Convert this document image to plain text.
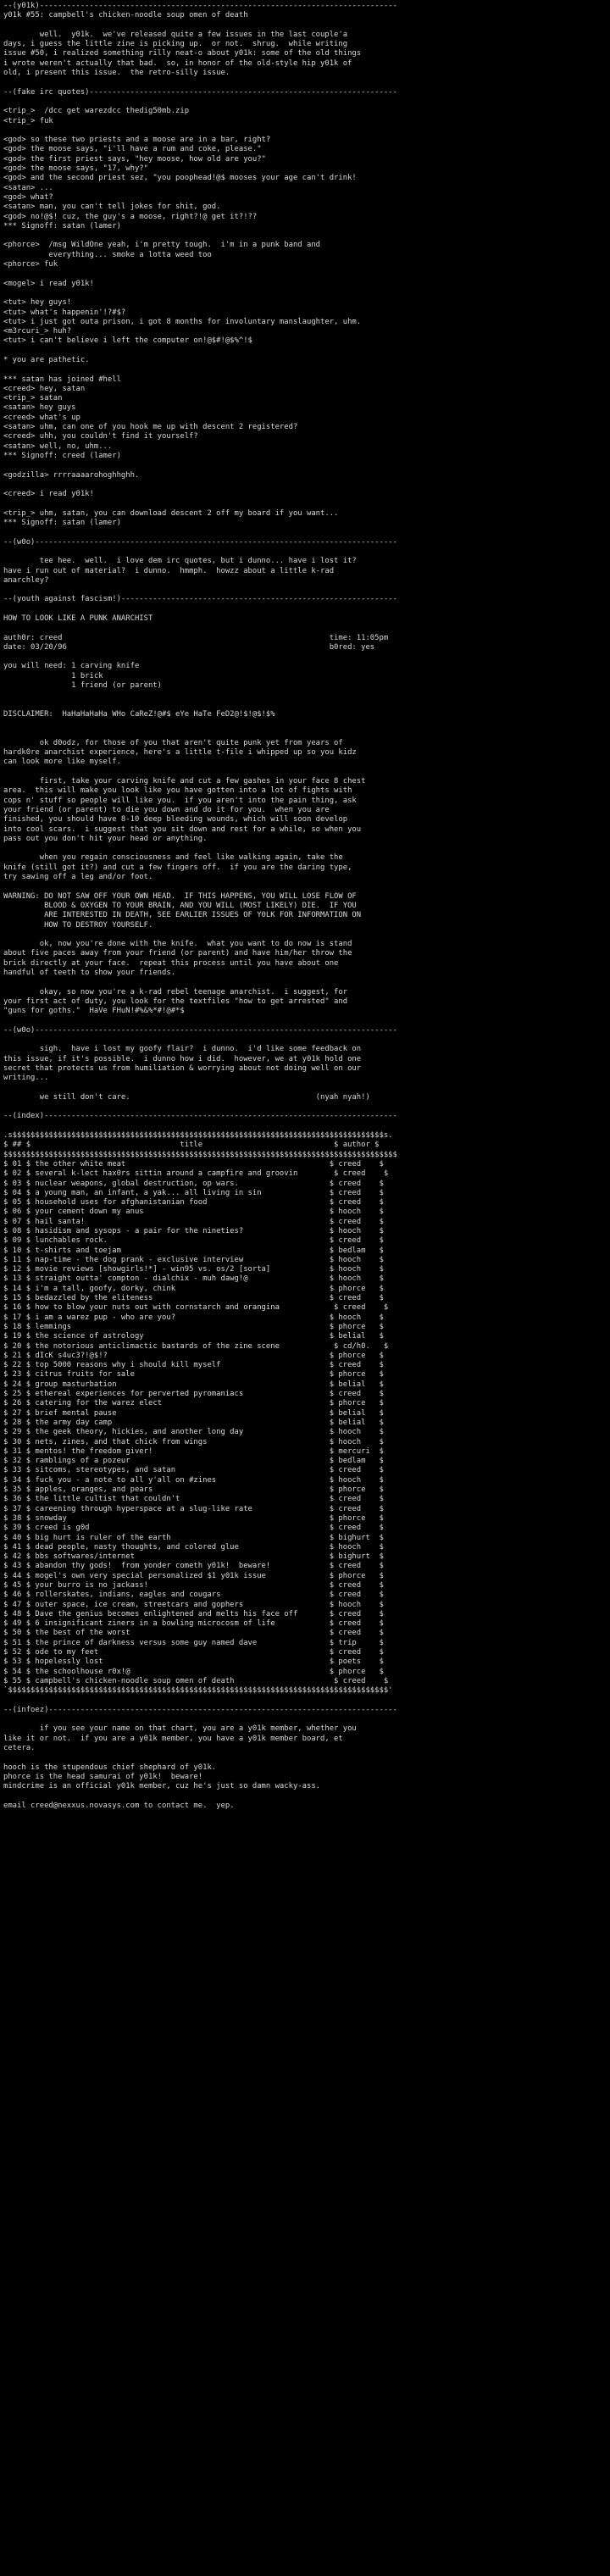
--(y01k)-------------------------------------------------------------------------------
y01k #55: campbell's chicken-noodle soup omen of death

well.  y01k.  we've released quite a few issues in the last couple'a
days, i guess the little zine is picking up.  or not.  shrug.  while writing
issue #50, i realized something rilly neat-o about y01k: some of the old things
i wrote weren't actually that bad.  so, in honor of the old-style hip y01k of
old, i present this issue.  the retro-silly issue.

--(fake irc quotes)--------------------------------------------------------------------

<trip_>  /dcc get warezdcc thedig50mb.zip
<trip_> fuk

<god> so these two priests and a moose are in a bar, right?
<god> the moose says, "i'll have a rum and coke, please."
<god> the first priest says, "hey moose, how old are you?"
<god> the moose says, "17, why?"
<god> and the second priest sez, "you poophead!@$ mooses your age can't drink!
<satan> ...
<god> what?
<satan> man, you can't tell jokes for shit, god.
<god> no!@$! cuz, the guy's a moose, right?!@ get it?!??
*** Signoff: satan (lamer)

<phorce>  /msg WildOne yeah, i'm pretty tough.  i'm in a punk band and
everything... smoke a lotta weed too
<phorce> fuk

<mogel> i read y01k!

<tut> hey guys!
<tut> what's happenin'!?#$?
<tut> i just got outa prison, i got 8 months for involuntary manslaughter, uhm.
<m3rcuri_> huh?
<tut> i can't believe i left the computer on!@$#!@$%^!$

* you are pathetic.

*** satan has joined #hell
<creed> hey, satan
<trip_> satan
<satan> hey guys
<creed> what's up
<satan> uhm, can one of you hook me up with descent 2 registered?
<creed> uhh, you couldn't find it yourself?
<satan> well, no, uhm...
*** Signoff: creed (lamer)

<godzilla> rrrraaaarohoghhghh.

<creed> i read y01k!

<trip_> uhm, satan, you can download descent 2 off my board if you want...
*** Signoff: satan (lamer)

--(w0o)--------------------------------------------------------------------------------

tee hee.  well.  i love dem irc quotes, but i dunno... have i lost it?
have i run out of material?  i dunno.  hmmph.  howzz about a little k-rad
anarchley?

--(youth against fascism!)-------------------------------------------------------------

HOW TO LOOK LIKE A PUNK ANARCHIST

auth0r: creed                                                           time: 11:05pm
date: 03/20/96                                                          b0red: yes

you will need: 1 carving knife
1 brick
1 friend (or parent)

DISCLAIMER:  HaHaHaHaHa WHo CaReZ!@#$ eYe HaTe FeD2@!$!@$!$%

ok d0odz, for those of you that aren't quite punk yet from years of
hardk0re anarchist experience, here's a little t-file i whipped up so you kidz
can look more like myself.

first, take your carving knife and cut a few gashes in your face 8 chest
area.  this will make you look like you have gotten into a lot of fights with
cops n' stuff so people will like you.  if you aren't into the pain thing, ask
your friend (or parent) to die you down and do it for you.  when you are
finished, you should have 8-10 deep bleeding wounds, which will soon develop
into cool scars.  i suggest that you sit down and rest for a while, so when you
pass out you don't hit your head or anything.

when you regain consciousness and feel like walking again, take the
knife (still got it?) and cut a few fingers off.  if you are the daring type,
try sawing off a leg and/or foot.

WARNING: DO NOT SAW OFF YOUR OWN HEAD.  IF THIS HAPPENS, YOU WILL LOSE FLOW OF
BLOOD & OXYGEN TO YOUR BRAIN, AND YOU WILL (MOST LIKELY) DIE.  IF YOU
ARE INTERESTED IN DEATH, SEE EARLIER ISSUES OF Y0LK FOR INFORMATION ON
HOW TO DESTROY YOURSELF.

ok, now you're done with the knife.  what you want to do now is stand
about five paces away from your friend (or parent) and have him/her throw the
brick directly at your face.  repeat this process until you have about one
handful of teeth to show your friends.

okay, so now you're a k-rad rebel teenage anarchist.  i suggest, for
your first act of duty, you look for the textfiles "how to get arrested" and
"guns for goths."  HaVe FHuN!#%&%*#!@#*$

--(w0o)--------------------------------------------------------------------------------

sigh.  have i lost my goofy flair?  i dunno.  i'd like some feedback on
this issue, if it's possible.  i dunno how i did.  however, we at y01k hold one
secret that protects us from humiliation & worrying about not doing well on our
writing...

we still don't care.                                         (nyah nyah!)

--(index)------------------------------------------------------------------------------

.s$$$$$$$$$$$$$$$$$$$$$$$$$$$$$$$$$$$$$$$$$$$$$$$$$$$$$$$$$$$$$$$$$$$$$$$$$$$$$$$$$$s.
$ ## $                                 title                             $ author $
$$$$$$$$$$$$$$$$$$$$$$$$$$$$$$$$$$$$$$$$$$$$$$$$$$$$$$$$$$$$$$$$$$$$$$$$$$$$$$$$$$$$$$$
$ 01 $ the other white meat                                             $ creed    $
$ 02 $ several k-lect hax0rs sittin around a campfire and groovin        $ creed    $
$ 03 $ nuclear weapons, global destruction, op wars.                    $ creed    $
$ 04 $ a young man, an infant, a yak... all living in sin               $ creed    $
$ 05 $ household uses for afghanistanian food                           $ creed    $
$ 06 $ your cement down my anus                                         $ hooch    $
$ 07 $ hail santa!                                                      $ creed    $
$ 08 $ hasidism and sysops - a pair for the nineties?                   $ hooch    $
$ 09 $ lunchables rock.                                                 $ creed    $
$ 10 $ t-shirts and toejam                                              $ bedlam   $
$ 11 $ nap-time - the dog prank - exclusive interview                   $ hooch    $
$ 12 $ movie reviews [showgirls!*] - win95 vs. os/2 [sorta]             $ hooch    $
$ 13 $ straight outta' compton - dialchix - muh dawg!@                  $ hooch    $
$ 14 $ i'm a tall, goofy, dorky, chink                                  $ phorce   $
$ 15 $ bedazzled by the eliteness                                       $ creed    $
$ 16 $ how to blow your nuts out with cornstarch and orangina            $ creed    $
$ 17 $ i am a warez pup - who are you?                                  $ hooch    $
$ 18 $ lemmings                                                         $ phorce   $
$ 19 $ the science of astrology                                         $ belial   $
$ 20 $ the notorious anticlimactic bastards of the zine scene            $ cd/h0.   $
$ 21 $ dIcK s4uc3?!@$!?                                                 $ phorce   $
$ 22 $ top 5000 reasons why i should kill myself                        $ creed    $
$ 23 $ citrus fruits for sale                                           $ phorce   $
$ 24 $ group masturbation                                               $ belial   $
$ 25 $ ethereal experiences for perverted pyromaniacs                   $ creed    $
$ 26 $ catering for the warez elect                                     $ phorce   $
$ 27 $ brief mental pause                                               $ belial   $
$ 28 $ the army day camp                                                $ belial   $
$ 29 $ the geek theory, hickies, and another long day                   $ hooch    $
$ 30 $ nets, zines, and that chick from wings                           $ hooch    $
$ 31 $ mentos! the freedom giver!                                       $ mercuri  $
$ 32 $ ramblings of a pozeur                                            $ bedlam   $
$ 33 $ sitcoms, stereotypes, and satan                                  $ creed    $
$ 34 $ fuck you - a note to all y'all on #zines                         $ hooch    $
$ 35 $ apples, oranges, and pears                                       $ phorce   $
$ 36 $ the little cultist that couldn't                                 $ creed    $
$ 37 $ careening through hyperspace at a slug-like rate                 $ creed    $
$ 38 $ snowday                                                          $ phorce   $
$ 39 $ creed is g0d                                                     $ creed    $
$ 40 $ big hurt is ruler of the earth                                   $ bighurt  $
$ 41 $ dead people, nasty thoughts, and colored glue                    $ hooch    $
$ 42 $ bbs softwares/internet                                           $ bighurt  $
$ 43 $ abandon thy gods!  from yonder cometh y01k!  beware!             $ creed    $
$ 44 $ mogel's own very special personalized $1 y01k issue              $ phorce   $
$ 45 $ your burro is no jackass!                                        $ creed    $
$ 46 $ rollerskates, indians, eagles and cougars                        $ creed    $
$ 47 $ outer space, ice cream, streetcars and gophers                   $ hooch    $
$ 48 $ Dave the genius becomes enlightened and melts his face off       $ creed    $
$ 49 $ 6 insignificant ziners in a bowling microcosm of life            $ creed    $
$ 50 $ the best of the worst                                            $ creed    $
$ 51 $ the prince of darkness versus some guy named dave                $ trip     $
$ 52 $ ode to my feet                                                   $ creed    $
$ 53 $ hopelessly lost                                                  $ poets    $
$ 54 $ the schoolhouse r0x!@                                            $ phorce   $
$ 55 $ campbell's chicken-noodle soup omen of death                      $ creed    $
`$$$$$$$$$$$$$$$$$$$$$$$$$$$$$$$$$$$$$$$$$$$$$$$$$$$$$$$$$$$$$$$$$$$$$$$$$$$$$$$$$$$$'

--(infoez)-----------------------------------------------------------------------------

if you see your name on that chart, you are a y01k member, whether you
like it or not.  if you are a y01k member, you have a y01k member board, et
cetera.

hooch is the stupendous chief shephard of y01k.
phorce is the head samurai of y01k!  beware!
mindcrime is an official y01k member, cuz he's just so damn wacky-ass.

email creed@nexxus.novasys.com to contact me.  yep.
